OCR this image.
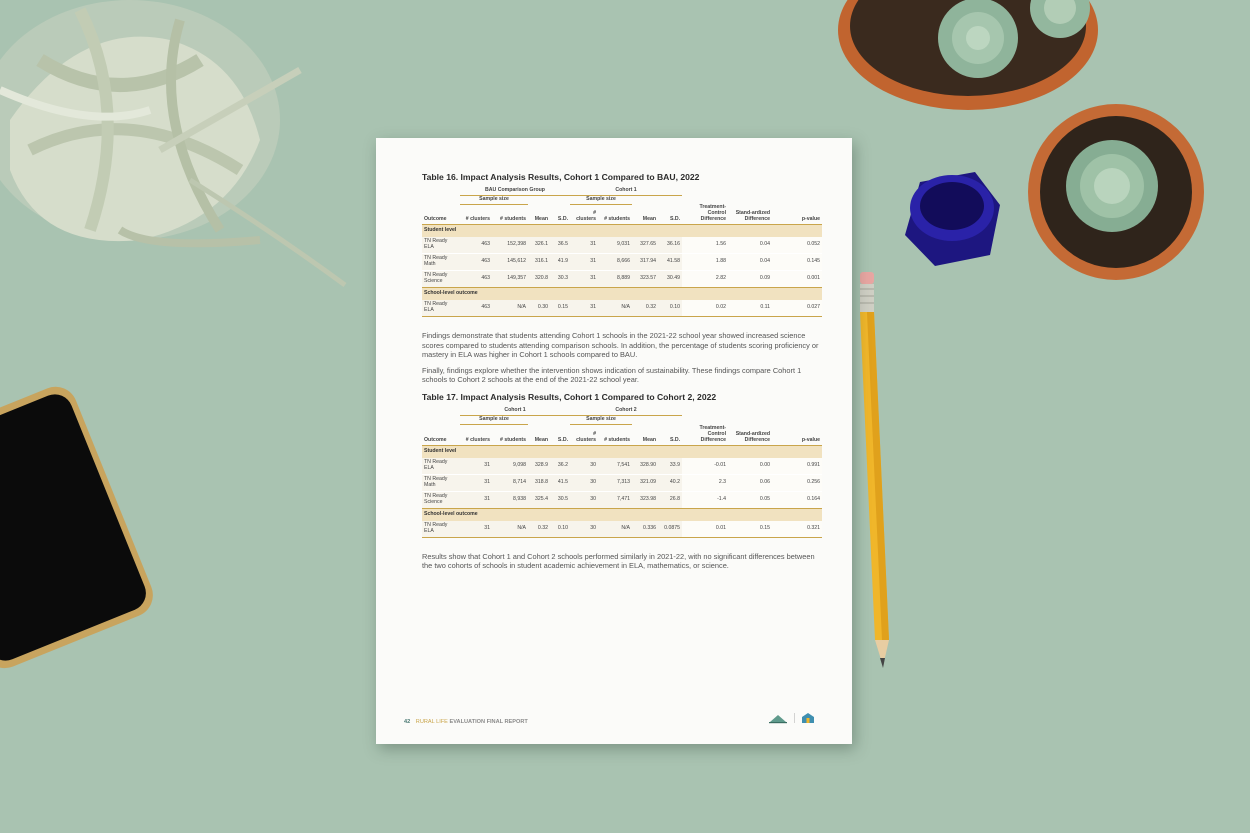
Table 16. Impact Analysis Results, Cohort 1 Compared to BAU, 2022
	BAU Comparison Group				Cohort 1						
	Sample size				Sample size						
Outcome	# clusters	# students	Mean	S.D.	# clusters	# students	Mean	S.D.	Treatment-Control Difference	Stand-ardized Difference	p-value
Student level											
TN Ready ELA	463	152,398	326.1	36.5	31	9,031	327.65	36.16	1.56	0.04	0.052
TN Ready Math	463	145,612	316.1	41.9	31	8,666	317.94	41.58	1.88	0.04	0.145
TN Ready Science	463	149,357	320.8	30.3	31	8,889	323.57	30.49	2.82	0.09	0.001
School-level outcome											
TN Ready ELA	463	N/A	0.30	0.15	31	N/A	0.32	0.10	0.02	0.11	0.027

Findings demonstrate that students attending Cohort 1 schools in the 2021-22 school year showed increased science scores compared to students attending comparison schools. In addition, the percentage of students scoring proficiency or mastery in ELA was higher in Cohort 1 schools compared to BAU.

Finally, findings explore whether the intervention shows indication of sustainability. These findings compare Cohort 1 schools to Cohort 2 schools at the end of the 2021-22 school year.

Table 17. Impact Analysis Results, Cohort 1 Compared to Cohort 2, 2022
	Cohort 1				Cohort 2						
	Sample size				Sample size						
Outcome	# clusters	# students	Mean	S.D.	# clusters	# students	Mean	S.D.	Treatment-Control Difference	Stand-ardized Difference	p-value
Student level											
TN Ready ELA	31	9,098	328.9	36.2	30	7,541	328.90	33.9	-0.01	0.00	0.991
TN Ready Math	31	8,714	318.8	41.5	30	7,313	321.09	40.2	2.3	0.06	0.256
TN Ready Science	31	8,938	325.4	30.5	30	7,471	323.98	26.8	-1.4	0.05	0.164
School-level outcome											
TN Ready ELA	31	N/A	0.32	0.10	30	N/A	0.336	0.0875	0.01	0.15	0.321

Results show that Cohort 1 and Cohort 2 schools performed similarly in 2021-22, with no significant differences between the two cohorts of schools in student academic achievement in ELA, mathematics, or science.

42 RURAL LIFE EVALUATION FINAL REPORT
